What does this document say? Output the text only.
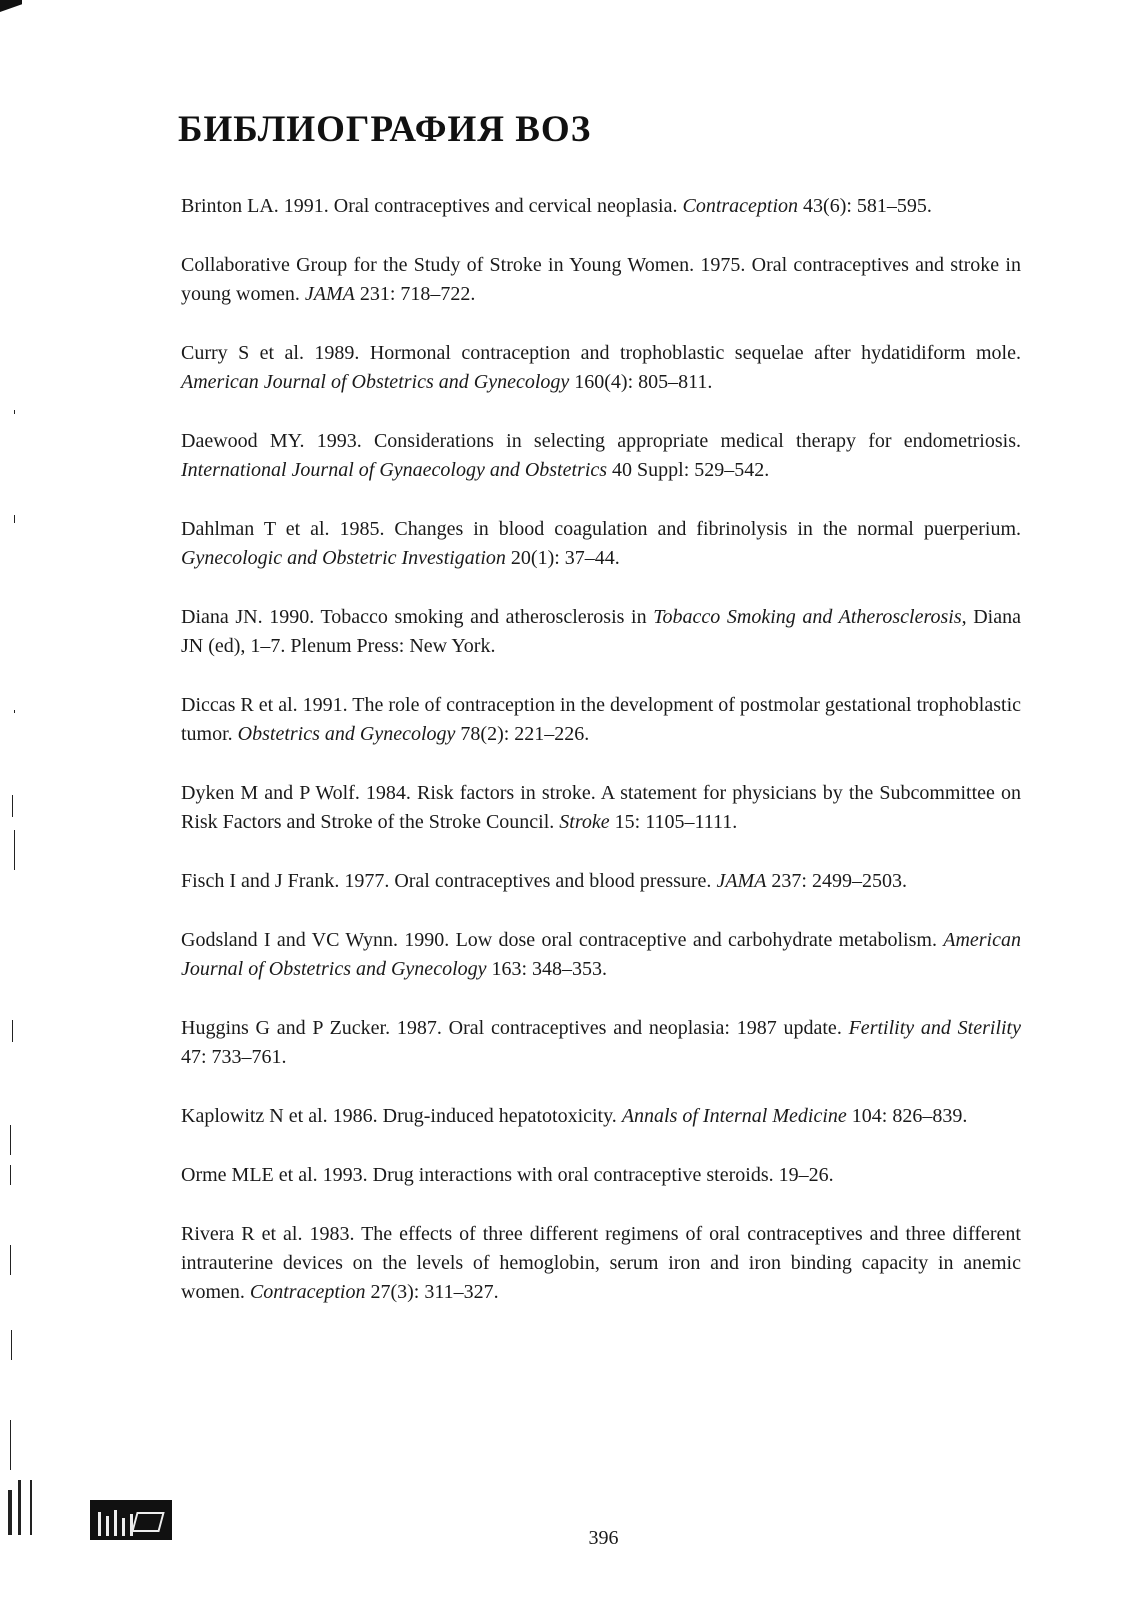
БИБЛИОГРАФИЯ ВОЗ

Brinton LA. 1991. Oral contraceptives and cervical neoplasia. Contraception 43(6): 581–595.

Collaborative Group for the Study of Stroke in Young Women. 1975. Oral contraceptives and stroke in young women. JAMA 231: 718–722.

Curry S et al. 1989. Hormonal contraception and trophoblastic sequelae after hydatidiform mole. American Journal of Obstetrics and Gynecology 160(4): 805–811.

Daewood MY. 1993. Considerations in selecting appropriate medical therapy for endometriosis. International Journal of Gynaecology and Obstetrics 40 Suppl: 529–542.

Dahlman T et al. 1985. Changes in blood coagulation and fibrinolysis in the normal puerperium. Gynecologic and Obstetric Investigation 20(1): 37–44.

Diana JN. 1990. Tobacco smoking and atherosclerosis in Tobacco Smoking and Atherosclerosis, Diana JN (ed), 1–7. Plenum Press: New York.

Diccas R et al. 1991. The role of contraception in the development of postmolar gestational trophoblastic tumor. Obstetrics and Gynecology 78(2): 221–226.

Dyken M and P Wolf. 1984. Risk factors in stroke. A statement for physicians by the Subcommittee on Risk Factors and Stroke of the Stroke Council. Stroke 15: 1105–1111.

Fisch I and J Frank. 1977. Oral contraceptives and blood pressure. JAMA 237: 2499–2503.

Godsland I and VC Wynn. 1990. Low dose oral contraceptive and carbohydrate metabolism. American Journal of Obstetrics and Gynecology 163: 348–353.

Huggins G and P Zucker. 1987. Oral contraceptives and neoplasia: 1987 update. Fertility and Sterility 47: 733–761.

Kaplowitz N et al. 1986. Drug-induced hepatotoxicity. Annals of Internal Medicine 104: 826–839.

Orme MLE et al. 1993. Drug interactions with oral contraceptive steroids. 19–26.

Rivera R et al. 1983. The effects of three different regimens of oral contraceptives and three different intrauterine devices on the levels of hemoglobin, serum iron and iron binding capacity in anemic women. Contraception 27(3): 311–327.

396
